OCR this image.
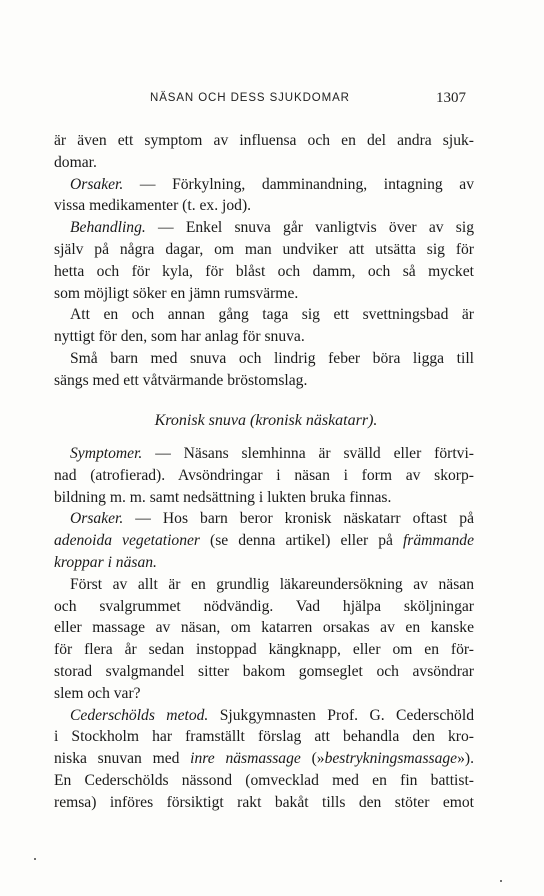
NÄSAN OCH DESS SJUKDOMAR	1307
är även ett symptom av influensa och en del andra sjuk-
domar.
Orsaker. — Förkylning, damminandning, intagning av
vissa medikamenter (t. ex. jod).
Behandling. — Enkel snuva går vanligtvis över av sig
själv på några dagar, om man undviker att utsätta sig för
hetta och för kyla, för blåst och damm, och så mycket
som möjligt söker en jämn rumsvärme.
Att en och annan gång taga sig ett svettningsbad är
nyttigt för den, som har anlag för snuva.
Små barn med snuva och lindrig feber böra ligga till
sängs med ett våtvärmande bröstomslag.
Kronisk snuva (kronisk näskatarr).
Symptomer. — Näsans slemhinna är svälld eller förtvi-
nad (atrofierad). Avsöndringar i näsan i form av skorp-
bildning m. m. samt nedsättning i lukten bruka finnas.
Orsaker. — Hos barn beror kronisk näskatarr oftast på
adenoida vegetationer (se denna artikel) eller på främmande
kroppar i näsan.
Först av allt är en grundlig läkareundersökning av näsan
och svalgrummet nödvändig. Vad hjälpa sköljningar
eller massage av näsan, om katarren orsakas av en kanske
för flera år sedan instoppad kängknapp, eller om en för-
storad svalgmandel sitter bakom gomseglet och avsöndrar
slem och var?
Cederschölds metod. Sjukgymnasten Prof. G. Cederschöld
i Stockholm har framställt förslag att behandla den kro-
niska snuvan med inre näsmassage (»bestrykningsmassage»).
En Cederschölds nässond (omvecklad med en fin battist-
remsa) införes försiktigt rakt bakåt tills den stöter emot
